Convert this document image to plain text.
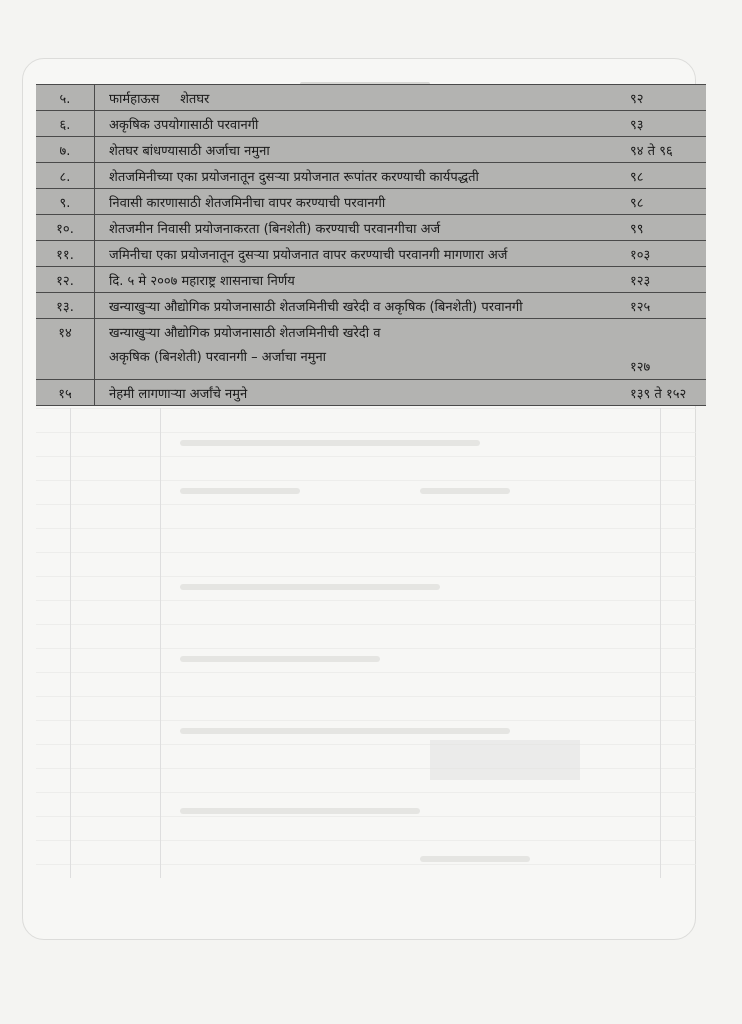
५.	फार्महाऊस     शेतघर	९२
६.	अकृषिक उपयोगासाठी परवानगी	९३
७.	शेतघर बांधण्यासाठी अर्जाचा नमुना	९४ ते ९६
८.	शेतजमिनीच्या एका प्रयोजनातून दुसऱ्या प्रयोजनात रूपांतर करण्याची कार्यपद्धती	९८
९.	निवासी कारणासाठी शेतजमिनीचा वापर करण्याची परवानगी	९८
१०.	शेतजमीन निवासी प्रयोजनाकरता (बिनशेती) करण्याची परवानगीचा अर्ज	९९
११.	जमिनीचा एका प्रयोजनातून दुसऱ्या प्रयोजनात वापर करण्याची परवानगी मागणारा अर्ज	१०३
१२.	दि. ५ मे २००७ महाराष्ट्र शासनाचा निर्णय	१२३
१३.	खन्याखुऱ्या औद्योगिक प्रयोजनासाठी शेतजमिनीची खरेदी व अकृषिक (बिनशेती) परवानगी	१२५
१४	खन्याखुऱ्या औद्योगिक प्रयोजनासाठी शेतजमिनीची खरेदी व
अकृषिक (बिनशेती) परवानगी – अर्जाचा नमुना	१२७
१५	नेहमी लागणाऱ्या अर्जांचे नमुने	१३९ ते १५२
